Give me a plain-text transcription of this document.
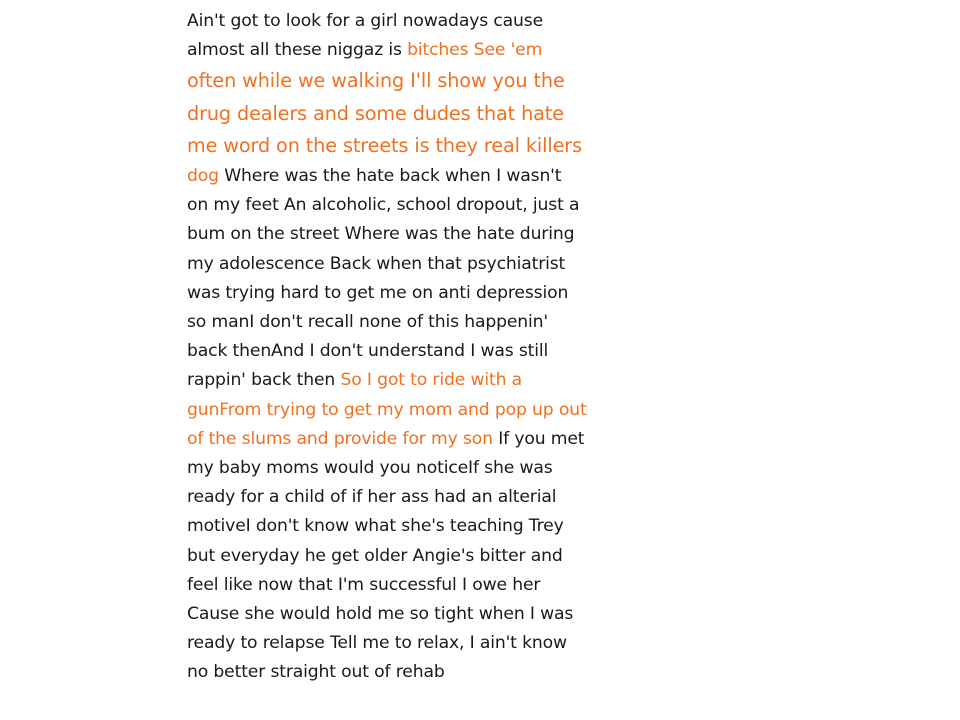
Ain't got to look for a girl nowadays cause
almost all these niggaz is bitches See 'em
often while we walking I'll show you the
drug dealers and some dudes that hate
me word on the streets is they real killers
dog Where was the hate back when I wasn't
on my feet An alcoholic, school dropout, just a
bum on the street Where was the hate during
my adolescence Back when that psychiatrist
was trying hard to get me on anti depression
so manI don't recall none of this happenin'
back thenAnd I don't understand I was still
rappin' back then So I got to ride with a
gunFrom trying to get my mom and pop up out
of the slums and provide for my son If you met
my baby moms would you noticeIf she was
ready for a child of if her ass had an alterial
motiveI don't know what she's teaching Trey
but everyday he get older Angie's bitter and
feel like now that I'm successful I owe her
Cause she would hold me so tight when I was
ready to relapse Tell me to relax, I ain't know
no better straight out of rehab
